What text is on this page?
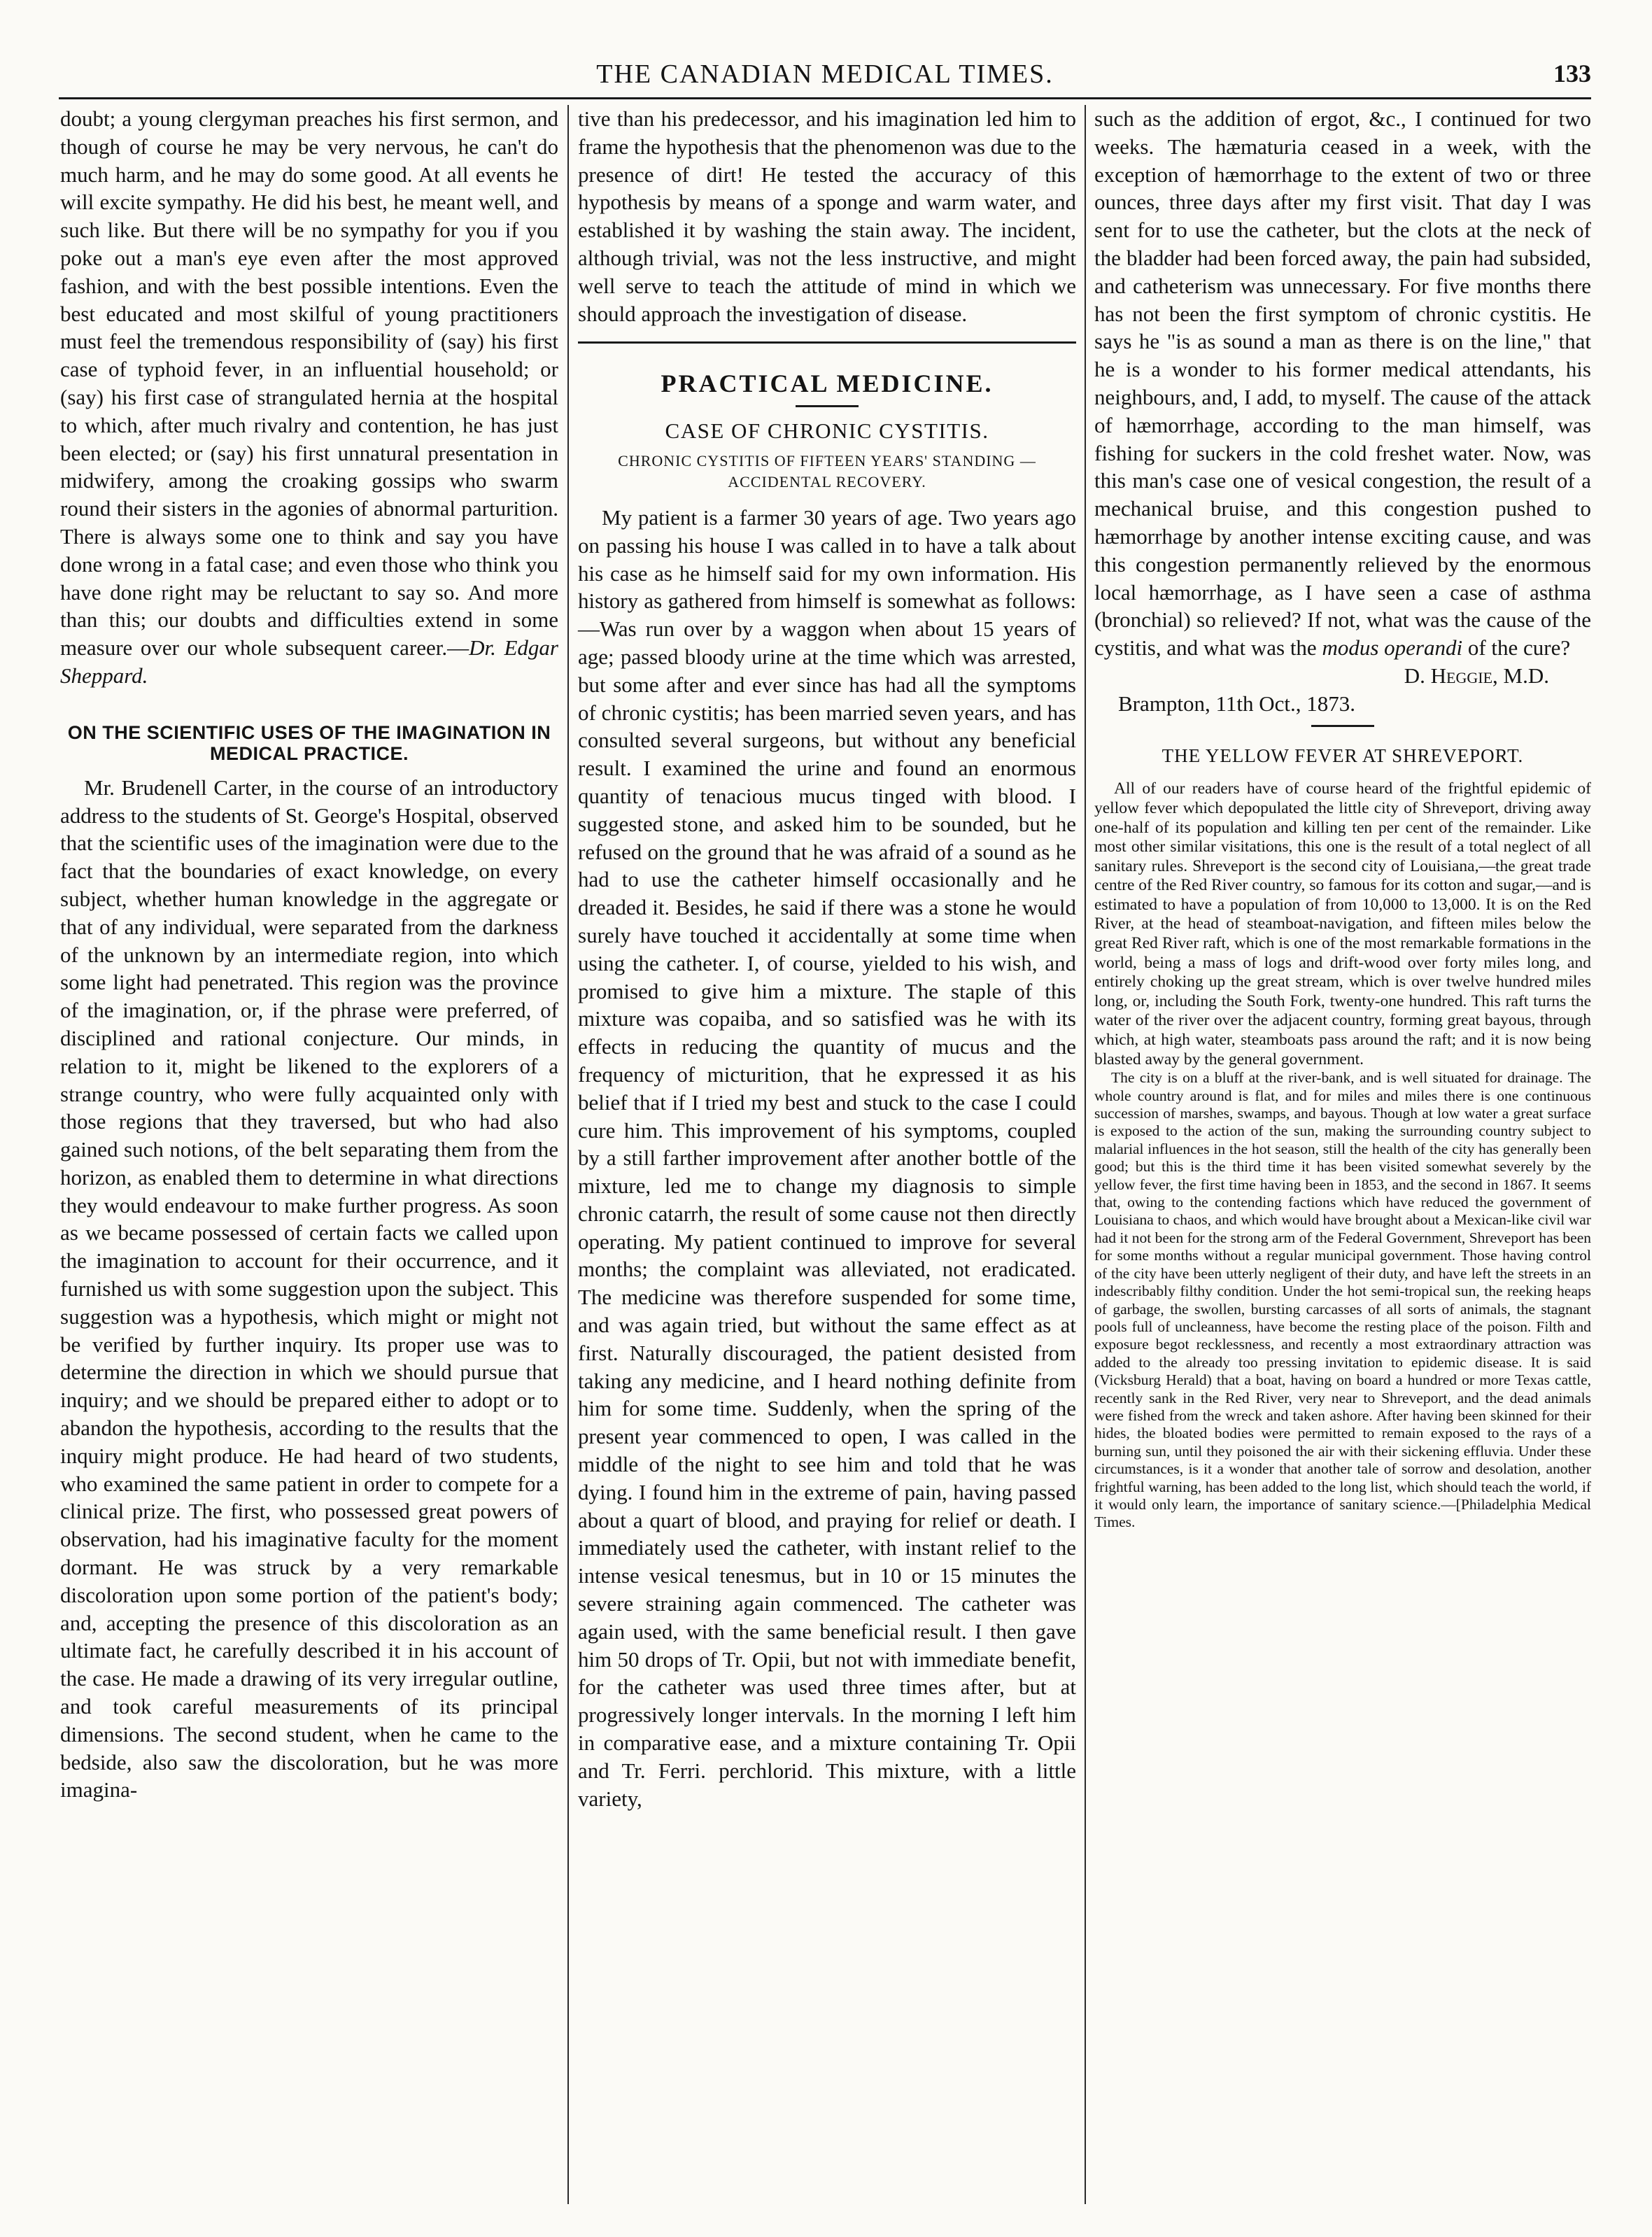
THE CANADIAN MEDICAL TIMES.	133

doubt; a young clergyman preaches his first sermon, and though of course he may be very nervous, he can't do much harm, and he may do some good. At all events he will excite sympathy. He did his best, he meant well, and such like. But there will be no sympathy for you if you poke out a man's eye even after the most approved fashion, and with the best possible intentions. Even the best educated and most skilful of young practitioners must feel the tremendous responsibility of (say) his first case of typhoid fever, in an influential household; or (say) his first case of strangulated hernia at the hospital to which, after much rivalry and contention, he has just been elected; or (say) his first unnatural presentation in midwifery, among the croaking gossips who swarm round their sisters in the agonies of abnormal parturition. There is always some one to think and say you have done wrong in a fatal case; and even those who think you have done right may be reluctant to say so. And more than this; our doubts and difficulties extend in some measure over our whole subsequent career.—Dr. Edgar Sheppard.

ON THE SCIENTIFIC USES OF THE IMAGINATION IN MEDICAL PRACTICE.

Mr. Brudenell Carter, in the course of an introductory address to the students of St. George's Hospital, observed that the scientific uses of the imagination were due to the fact that the boundaries of exact knowledge, on every subject, whether human knowledge in the aggregate or that of any individual, were separated from the darkness of the unknown by an intermediate region, into which some light had penetrated. This region was the province of the imagination, or, if the phrase were preferred, of disciplined and rational conjecture. Our minds, in relation to it, might be likened to the explorers of a strange country, who were fully acquainted only with those regions that they traversed, but who had also gained such notions, of the belt separating them from the horizon, as enabled them to determine in what directions they would endeavour to make further progress. As soon as we became possessed of certain facts we called upon the imagination to account for their occurrence, and it furnished us with some suggestion upon the subject. This suggestion was a hypothesis, which might or might not be verified by further inquiry. Its proper use was to determine the direction in which we should pursue that inquiry; and we should be prepared either to adopt or to abandon the hypothesis, according to the results that the inquiry might produce. He had heard of two students, who examined the same patient in order to compete for a clinical prize. The first, who possessed great powers of observation, had his imaginative faculty for the moment dormant. He was struck by a very remarkable discoloration upon some portion of the patient's body; and, accepting the presence of this discoloration as an ultimate fact, he carefully described it in his account of the case. He made a drawing of its very irregular outline, and took careful measurements of its principal dimensions. The second student, when he came to the bedside, also saw the discoloration, but he was more imagina-

tive than his predecessor, and his imagination led him to frame the hypothesis that the phenomenon was due to the presence of dirt! He tested the accuracy of this hypothesis by means of a sponge and warm water, and established it by washing the stain away. The incident, although trivial, was not the less instructive, and might well serve to teach the attitude of mind in which we should approach the investigation of disease.

PRACTICAL MEDICINE.
CASE OF CHRONIC CYSTITIS.
CHRONIC CYSTITIS OF FIFTEEN YEARS' STANDING —ACCIDENTAL RECOVERY.

My patient is a farmer 30 years of age. Two years ago on passing his house I was called in to have a talk about his case as he himself said for my own information. His history as gathered from himself is somewhat as follows:—Was run over by a waggon when about 15 years of age; passed bloody urine at the time which was arrested, but some after and ever since has had all the symptoms of chronic cystitis; has been married seven years, and has consulted several surgeons, but without any beneficial result. I examined the urine and found an enormous quantity of tenacious mucus tinged with blood. I suggested stone, and asked him to be sounded, but he refused on the ground that he was afraid of a sound as he had to use the catheter himself occasionally and he dreaded it. Besides, he said if there was a stone he would surely have touched it accidentally at some time when using the catheter. I, of course, yielded to his wish, and promised to give him a mixture. The staple of this mixture was copaiba, and so satisfied was he with its effects in reducing the quantity of mucus and the frequency of micturition, that he expressed it as his belief that if I tried my best and stuck to the case I could cure him. This improvement of his symptoms, coupled by a still farther improvement after another bottle of the mixture, led me to change my diagnosis to simple chronic catarrh, the result of some cause not then directly operating. My patient continued to improve for several months; the complaint was alleviated, not eradicated. The medicine was therefore suspended for some time, and was again tried, but without the same effect as at first. Naturally discouraged, the patient desisted from taking any medicine, and I heard nothing definite from him for some time. Suddenly, when the spring of the present year commenced to open, I was called in the middle of the night to see him and told that he was dying. I found him in the extreme of pain, having passed about a quart of blood, and praying for relief or death. I immediately used the catheter, with instant relief to the intense vesical tenesmus, but in 10 or 15 minutes the severe straining again commenced. The catheter was again used, with the same beneficial result. I then gave him 50 drops of Tr. Opii, but not with immediate benefit, for the catheter was used three times after, but at progressively longer intervals. In the morning I left him in comparative ease, and a mixture containing Tr. Opii and Tr. Ferri. perchlorid. This mixture, with a little variety,

such as the addition of ergot, &c., I continued for two weeks. The hæmaturia ceased in a week, with the exception of hæmorrhage to the extent of two or three ounces, three days after my first visit. That day I was sent for to use the catheter, but the clots at the neck of the bladder had been forced away, the pain had subsided, and catheterism was unnecessary. For five months there has not been the first symptom of chronic cystitis. He says he "is as sound a man as there is on the line," that he is a wonder to his former medical attendants, his neighbours, and, I add, to myself. The cause of the attack of hæmorrhage, according to the man himself, was fishing for suckers in the cold freshet water. Now, was this man's case one of vesical congestion, the result of a mechanical bruise, and this congestion pushed to hæmorrhage by another intense exciting cause, and was this congestion permanently relieved by the enormous local hæmorrhage, as I have seen a case of asthma (bronchial) so relieved? If not, what was the cause of the cystitis, and what was the modus operandi of the cure?

D. Heggie, M.D.
Brampton, 11th Oct., 1873.
THE YELLOW FEVER AT SHREVEPORT.

All of our readers have of course heard of the frightful epidemic of yellow fever which depopulated the little city of Shreveport, driving away one-half of its population and killing ten per cent of the remainder. Like most other similar visitations, this one is the result of a total neglect of all sanitary rules. Shreveport is the second city of Louisiana,—the great trade centre of the Red River country, so famous for its cotton and sugar,—and is estimated to have a population of from 10,000 to 13,000. It is on the Red River, at the head of steamboat-navigation, and fifteen miles below the great Red River raft, which is one of the most remarkable formations in the world, being a mass of logs and drift-wood over forty miles long, and entirely choking up the great stream, which is over twelve hundred miles long, or, including the South Fork, twenty-one hundred. This raft turns the water of the river over the adjacent country, forming great bayous, through which, at high water, steamboats pass around the raft; and it is now being blasted away by the general government.

The city is on a bluff at the river-bank, and is well situated for drainage. The whole country around is flat, and for miles and miles there is one continuous succession of marshes, swamps, and bayous. Though at low water a great surface is exposed to the action of the sun, making the surrounding country subject to malarial influences in the hot season, still the health of the city has generally been good; but this is the third time it has been visited somewhat severely by the yellow fever, the first time having been in 1853, and the second in 1867. It seems that, owing to the contending factions which have reduced the government of Louisiana to chaos, and which would have brought about a Mexican-like civil war had it not been for the strong arm of the Federal Government, Shreveport has been for some months without a regular municipal government. Those having control of the city have been utterly negligent of their duty, and have left the streets in an indescribably filthy condition. Under the hot semi-tropical sun, the reeking heaps of garbage, the swollen, bursting carcasses of all sorts of animals, the stagnant pools full of uncleanness, have become the resting place of the poison. Filth and exposure begot recklessness, and recently a most extraordinary attraction was added to the already too pressing invitation to epidemic disease. It is said (Vicksburg Herald) that a boat, having on board a hundred or more Texas cattle, recently sank in the Red River, very near to Shreveport, and the dead animals were fished from the wreck and taken ashore. After having been skinned for their hides, the bloated bodies were permitted to remain exposed to the rays of a burning sun, until they poisoned the air with their sickening effluvia. Under these circumstances, is it a wonder that another tale of sorrow and desolation, another frightful warning, has been added to the long list, which should teach the world, if it would only learn, the importance of sanitary science.—[Philadelphia Medical Times.
